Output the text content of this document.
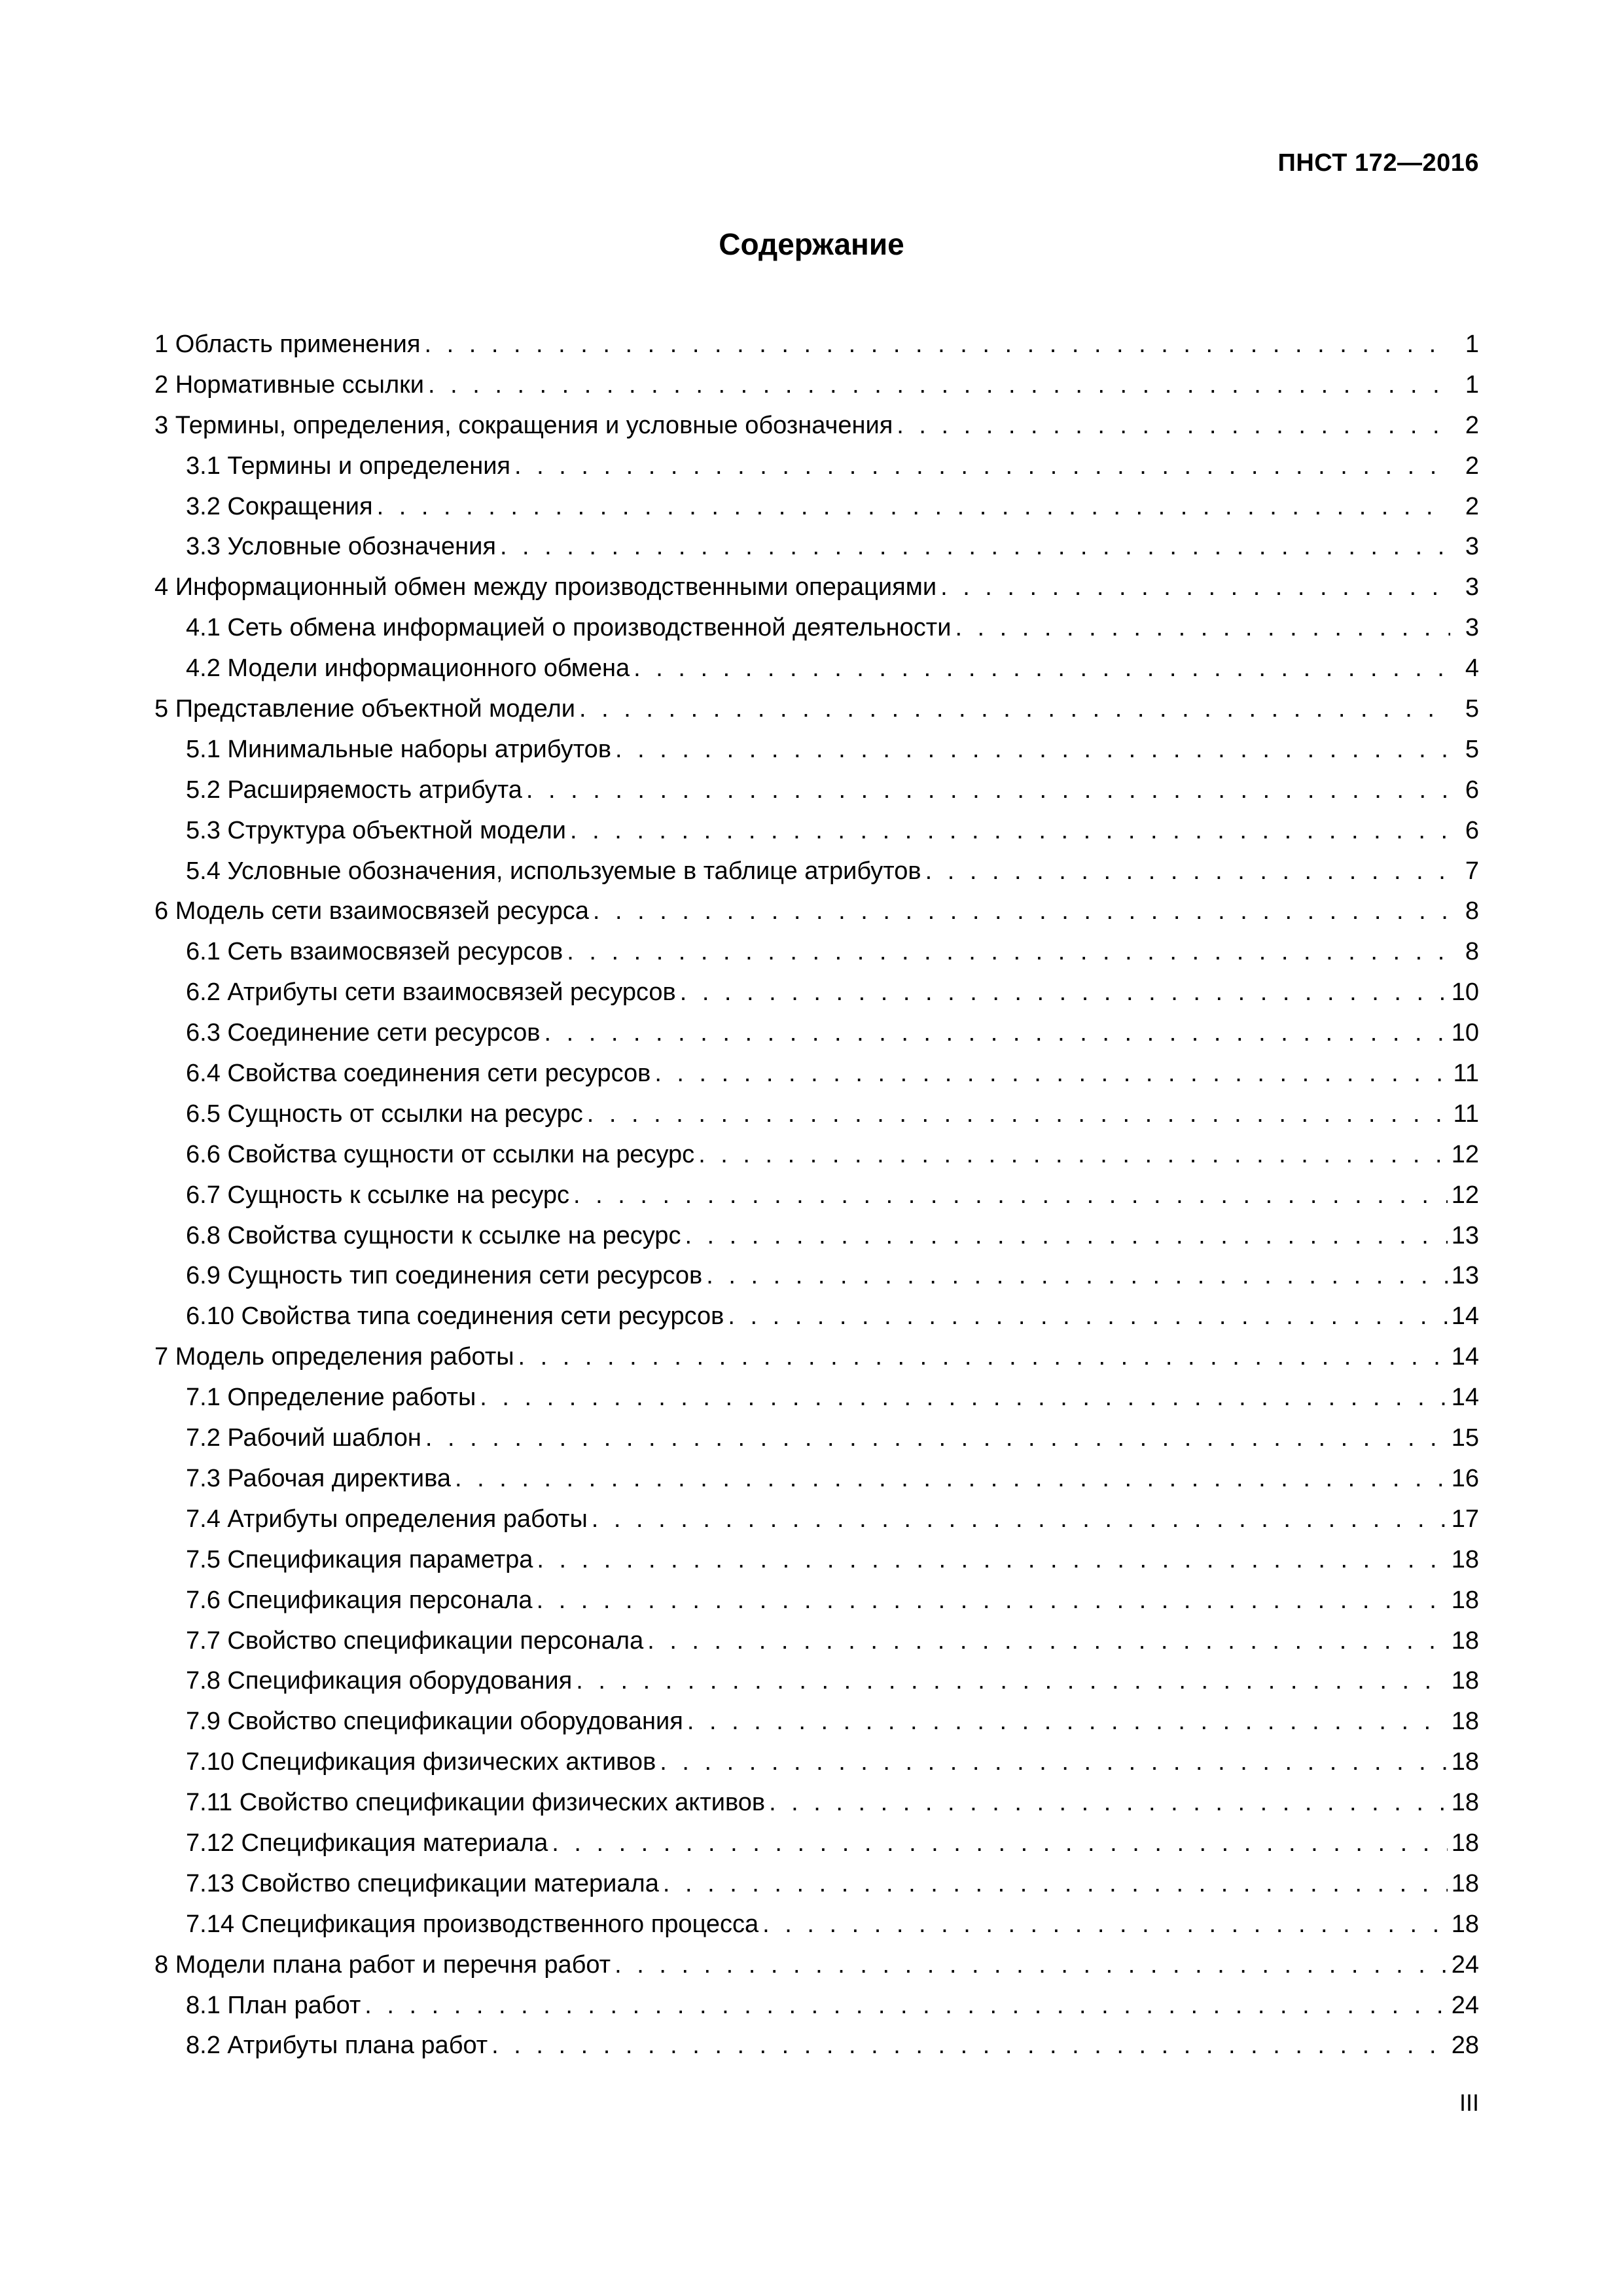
ПНСТ 172—2016
Содержание
1 Область применения . . .	1
2 Нормативные ссылки . . .	1
3 Термины, определения, сокращения и условные обозначения . . .	2
3.1 Термины и определения . . .	2
3.2 Сокращения . . .	2
3.3 Условные обозначения . . .	3
4 Информационный обмен между производственными операциями . . .	3
4.1 Сеть обмена информацией о производственной деятельности . . .	3
4.2 Модели информационного обмена . . .	4
5 Представление объектной модели . . .	5
5.1 Минимальные наборы атрибутов . . .	5
5.2 Расширяемость атрибута . . .	6
5.3 Структура объектной модели . . .	6
5.4 Условные обозначения, используемые в таблице атрибутов . . .	7
6 Модель сети взаимосвязей ресурса . . .	8
6.1 Сеть взаимосвязей ресурсов . . .	8
6.2 Атрибуты сети взаимосвязей ресурсов . . .	10
6.3 Соединение сети ресурсов . . .	10
6.4 Свойства соединения сети ресурсов . . .	11
6.5 Сущность от ссылки на ресурс . . .	11
6.6 Свойства сущности от ссылки на ресурс . . .	12
6.7 Сущность к ссылке на ресурс . . .	12
6.8 Свойства сущности к ссылке на ресурс . . .	13
6.9 Сущность тип соединения сети ресурсов . . .	13
6.10 Свойства типа соединения сети ресурсов . . .	14
7 Модель определения работы . . .	14
7.1 Определение работы . . .	14
7.2 Рабочий шаблон . . .	15
7.3 Рабочая директива . . .	16
7.4 Атрибуты определения работы . . .	17
7.5 Спецификация параметра . . .	18
7.6 Спецификация персонала . . .	18
7.7 Свойство спецификации персонала . . .	18
7.8 Спецификация оборудования . . .	18
7.9 Свойство спецификации оборудования . . .	18
7.10 Спецификация физических активов . . .	18
7.11 Свойство спецификации физических активов . . .	18
7.12 Спецификация материала . . .	18
7.13 Свойство спецификации материала . . .	18
7.14 Спецификация производственного процесса . . .	18
8 Модели плана работ и перечня работ . . .	24
8.1 План работ . . .	24
8.2 Атрибуты плана работ . . .	28
III
